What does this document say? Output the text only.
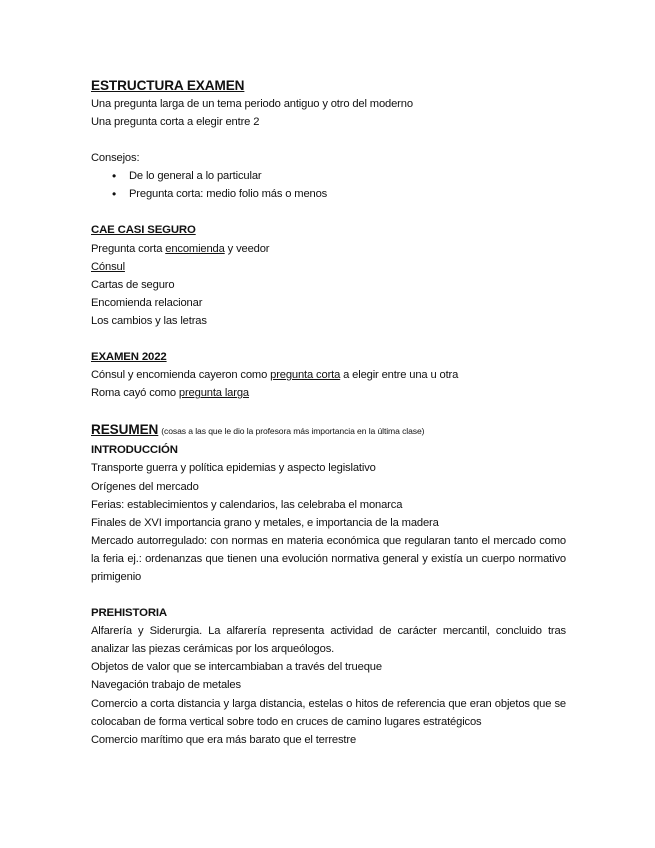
ESTRUCTURA EXAMEN
Una pregunta larga de un tema periodo antiguo y otro del moderno
Una pregunta corta a elegir entre 2
Consejos:
• De lo general a lo particular
• Pregunta corta: medio folio más o menos
CAE CASI SEGURO
Pregunta corta encomienda y veedor
Cónsul
Cartas de seguro
Encomienda relacionar
Los cambios y las letras
EXAMEN 2022
Cónsul y encomienda cayeron como pregunta corta a elegir entre una u otra
Roma cayó como pregunta larga
RESUMEN (cosas a las que le dio la profesora más importancia en la última clase)
INTRODUCCIÓN
Transporte guerra y política epidemias y aspecto legislativo
Orígenes del mercado
Ferias: establecimientos y calendarios, las celebraba el monarca
Finales de XVI importancia grano y metales, e importancia de la madera
Mercado autorregulado: con normas en materia económica que regularan tanto el mercado como la feria ej.: ordenanzas que tienen una evolución normativa general y existía un cuerpo normativo primigenio
PREHISTORIA
Alfarería y Siderurgia. La alfarería representa actividad de carácter mercantil, concluido tras analizar las piezas cerámicas por los arqueólogos.
Objetos de valor que se intercambiaban a través del trueque
Navegación trabajo de metales
Comercio a corta distancia y larga distancia, estelas o hitos de referencia que eran objetos que se colocaban de forma vertical sobre todo en cruces de camino lugares estratégicos
Comercio marítimo que era más barato que el terrestre
